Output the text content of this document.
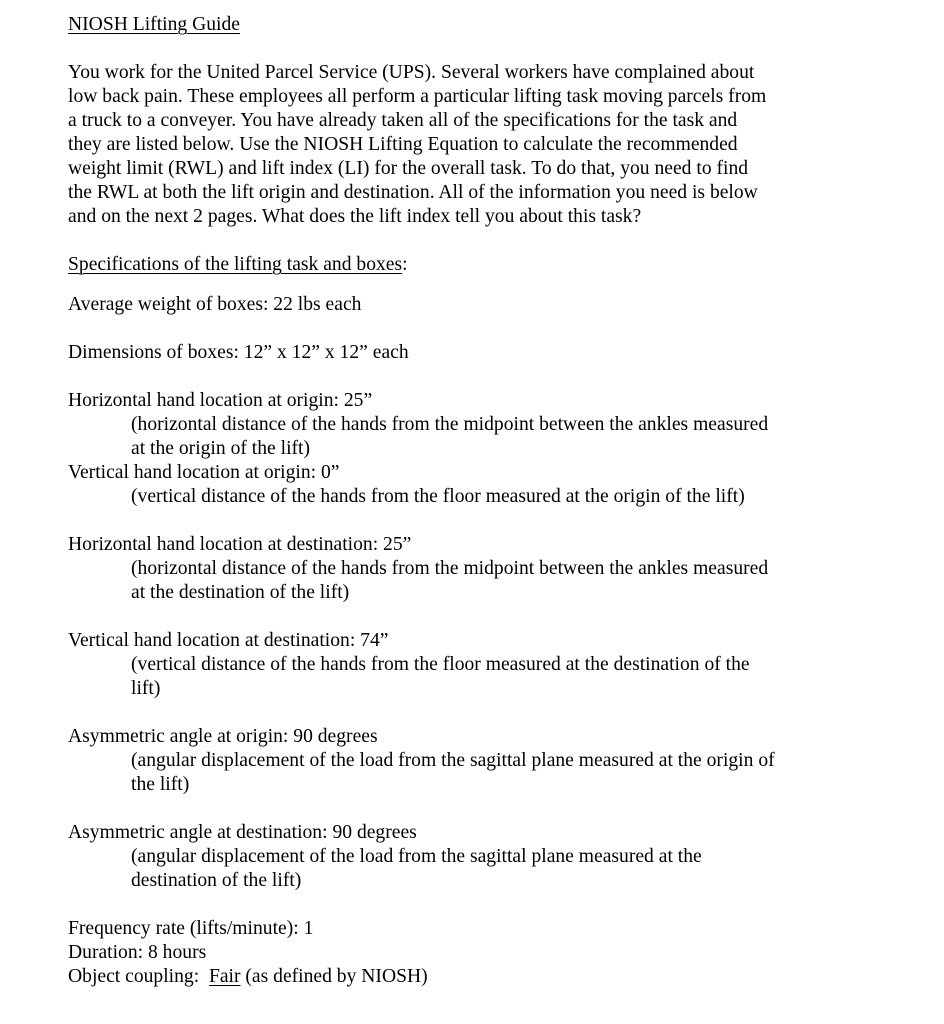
NIOSH Lifting Guide
You work for the United Parcel Service (UPS). Several workers have complained about
low back pain. These employees all perform a particular lifting task moving parcels from
a truck to a conveyer. You have already taken all of the specifications for the task and
they are listed below. Use the NIOSH Lifting Equation to calculate the recommended
weight limit (RWL) and lift index (LI) for the overall task. To do that, you need to find
the RWL at both the lift origin and destination. All of the information you need is below
and on the next 2 pages. What does the lift index tell you about this task?
Specifications of the lifting task and boxes:
Average weight of boxes: 22 lbs each
Dimensions of boxes: 12” x 12” x 12” each
Horizontal hand location at origin: 25”
(horizontal distance of the hands from the midpoint between the ankles measured
at the origin of the lift)
Vertical hand location at origin: 0”
(vertical distance of the hands from the floor measured at the origin of the lift)
Horizontal hand location at destination: 25”
(horizontal distance of the hands from the midpoint between the ankles measured
at the destination of the lift)
Vertical hand location at destination: 74”
(vertical distance of the hands from the floor measured at the destination of the
lift)
Asymmetric angle at origin: 90 degrees
(angular displacement of the load from the sagittal plane measured at the origin of
the lift)
Asymmetric angle at destination: 90 degrees
(angular displacement of the load from the sagittal plane measured at the
destination of the lift)
Frequency rate (lifts/minute): 1
Duration: 8 hours
Object coupling:  Fair (as defined by NIOSH)
